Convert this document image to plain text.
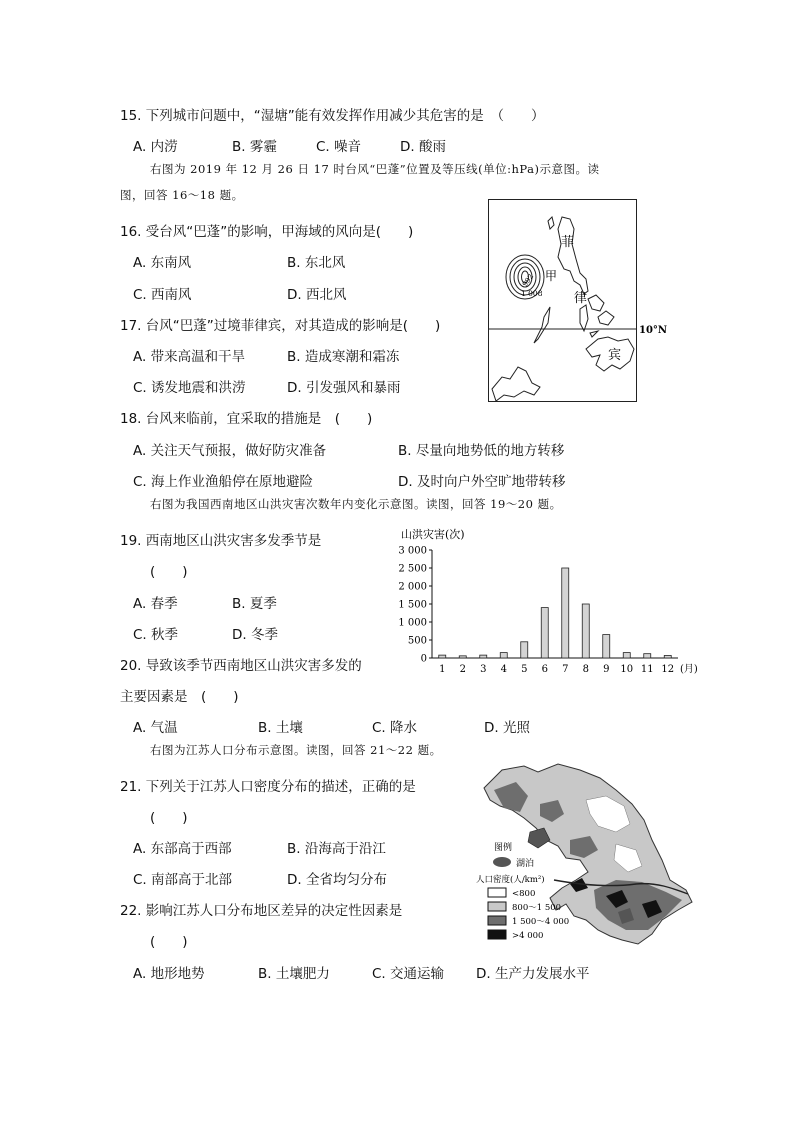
15. 下列城市问题中，“湿塘”能有效发挥作用减少其危害的是　（　　）
A. 内涝	B. 雾霾	C. 噪音	D. 酸雨
右图为 2019 年 12 月 26 日 17 时台风“巴蓬”位置及等压线(单位:hPa)示意图。读
图，回答 16～18 题。
16. 受台风“巴蓬”的影响，甲海域的风向是(　　)
A. 东南风	B. 东北风
C. 西南风	D. 西北风
17. 台风“巴蓬”过境菲律宾，对其造成的影响是(　　)
A. 带来高温和干旱	B. 造成寒潮和霜冻
C. 诱发地震和洪涝	D. 引发强风和暴雨
18. 台风来临前，宜采取的措施是　(　　)
A. 关注天气预报，做好防灾准备	B. 尽量向地势低的地方转移
C. 海上作业渔船停在原地避险	D. 及时向户外空旷地带转移
右图为我国西南地区山洪灾害次数年内变化示意图。读图，回答 19～20 题。
19. 西南地区山洪灾害多发季节是
(　　)
A. 春季	B. 夏季
C. 秋季	D. 冬季
20. 导致该季节西南地区山洪灾害多发的
主要因素是　(　　)
A. 气温	B. 土壤	C. 降水	D. 光照
右图为江苏人口分布示意图。读图，回答 21～22 题。
21. 下列关于江苏人口密度分布的描述，正确的是
(　　)
A. 东部高于西部	B. 沿海高于沿江
C. 南部高于北部	D. 全省均匀分布
22. 影响江苏人口分布地区差异的决定性因素是
(　　)
A. 地形地势	B. 土壤肥力	C. 交通运输 D. 生产力发展水平
菲
甲
律
宾
10°N
992
1 008
山洪灾害(次)
0
500
1 000
1 500
2 000
2 500
3 000
1 2 3 4 5 6 7 8 9 10 11 12 (月)
图例
湖泊
人口密度(人/km²)
<800
800～1 500
1 500～4 000
>4 000
